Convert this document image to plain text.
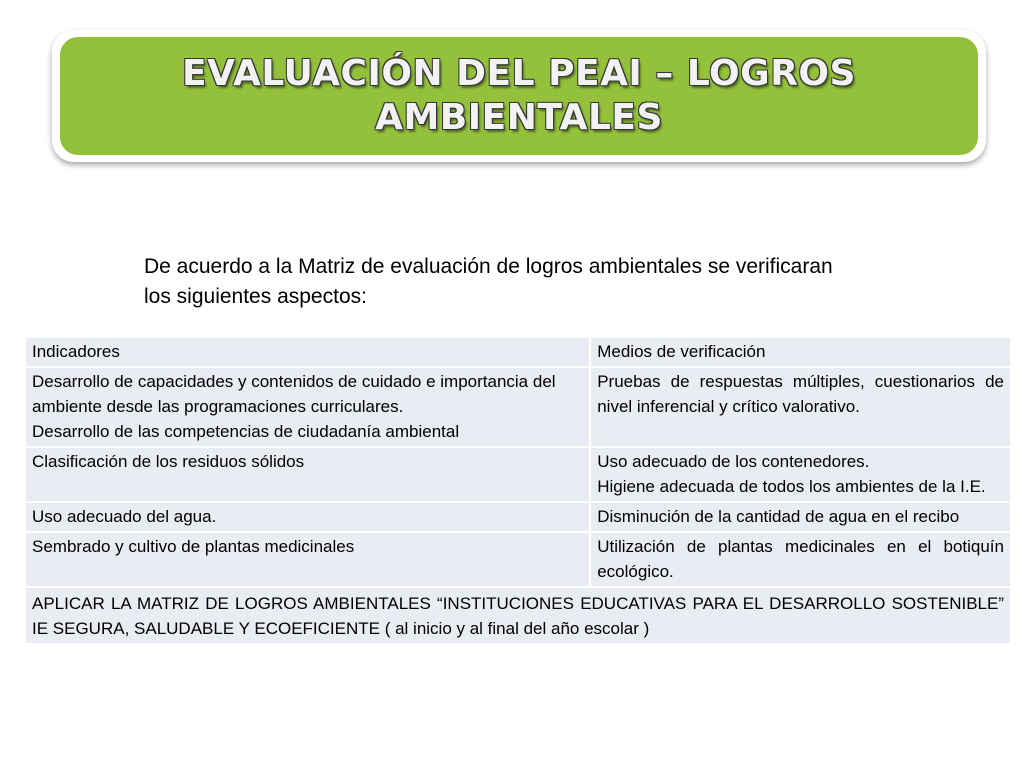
EVALUACIÓN DEL PEAI – LOGROS AMBIENTALES
De acuerdo a la Matriz de evaluación de logros ambientales se verificaran los siguientes aspectos:
Indicadores	Medios de verificación

Desarrollo de capacidades y contenidos de cuidado e importancia del ambiente desde las programaciones curriculares.
Desarrollo de las competencias de ciudadanía ambiental	Pruebas de respuestas múltiples, cuestionarios de nivel inferencial y crítico valorativo.

Clasificación de los residuos sólidos	Uso adecuado de los contenedores.
Higiene adecuada de todos los ambientes de la I.E.

Uso adecuado del agua.	Disminución de la cantidad de agua en el recibo

Sembrado y cultivo de plantas medicinales	Utilización de plantas medicinales en el botiquín ecológico.

APLICAR LA MATRIZ DE LOGROS AMBIENTALES “INSTITUCIONES EDUCATIVAS PARA EL DESARROLLO SOSTENIBLE” IE SEGURA, SALUDABLE Y ECOEFICIENTE ( al inicio y al final del año escolar )	
